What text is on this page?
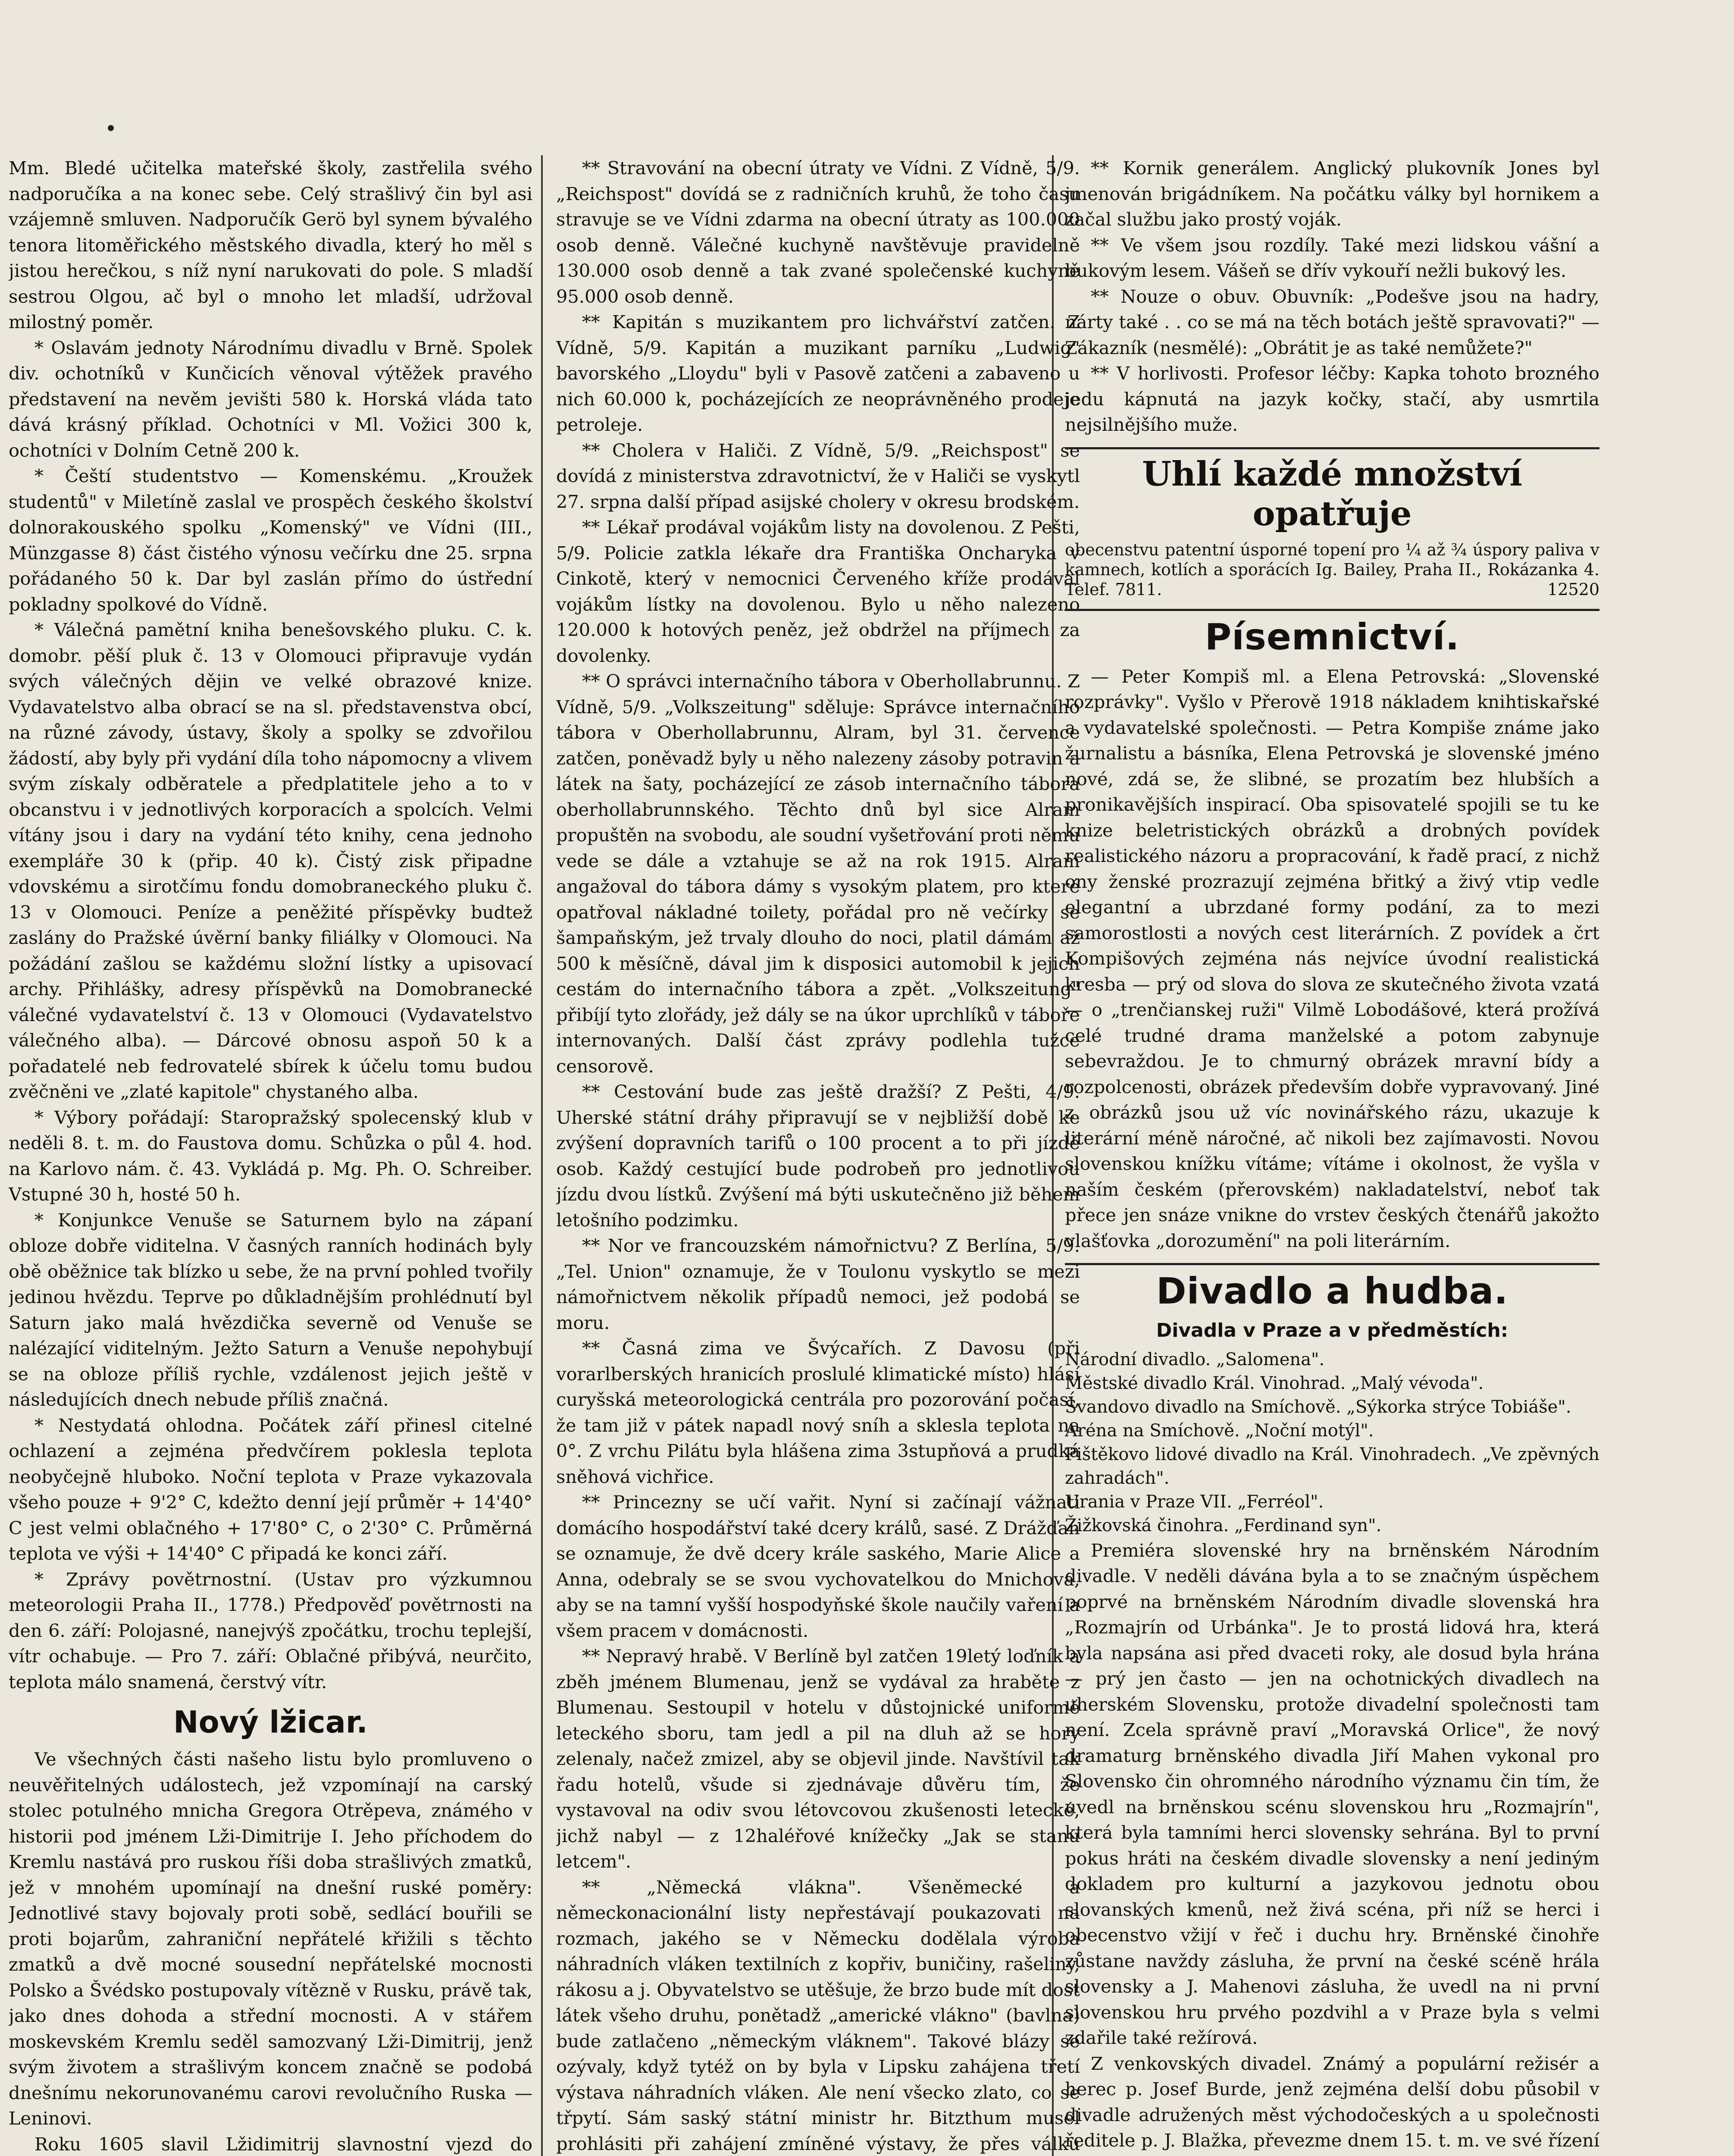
Mm. Bledé učitelka mateřské školy, zastřelila svého nadporučíka a na konec sebe. Celý strašlivý čin byl asi vzájemně smluven. Nadporučík Gerö byl synem bývalého tenora litoměřického městského divadla, který ho měl s jistou herečkou, s níž nyní narukovati do pole. S mladší sestrou Olgou, ač byl o mnoho let mladší, udržoval milostný poměr.

* Oslavám jednoty Národnímu divadlu v Brně. Spolek div. ochotníků v Kunčicích věnoval výtěžek pravého představení na nevěm jevišti 580 k. Horská vláda tato dává krásný příklad. Ochotníci v Ml. Vožici 300 k, ochotníci v Dolním Cetně 200 k.

* Čeští studentstvo — Komenskému. „Kroužek studentů" v Miletíně zaslal ve prospěch českého školství dolnorakouského spolku „Komenský" ve Vídni (III., Münzgasse 8) část čistého výnosu večírku dne 25. srpna pořádaného 50 k. Dar byl zaslán přímo do ústřední pokladny spolkové do Vídně.

* Válečná pamětní kniha benešovského pluku. C. k. domobr. pěší pluk č. 13 v Olomouci připravuje vydán svých válečných dějin ve velké obrazové knize. Vydavatelstvo alba obrací se na sl. představenstva obcí, na různé závody, ústavy, školy a spolky se zdvořilou žádostí, aby byly při vydání díla toho nápomocny a vlivem svým získaly odběratele a předplatitele jeho a to v obcanstvu i v jednotlivých korporacích a spolcích. Velmi vítány jsou i dary na vydání této knihy, cena jednoho exempláře 30 k (přip. 40 k). Čistý zisk připadne vdovskému a sirotčímu fondu domobraneckého pluku č. 13 v Olomouci. Peníze a peněžité příspěvky budtež zaslány do Pražské úvěrní banky filiálky v Olomouci. Na požádání zašlou se každému složní lístky a upisovací archy. Přihlášky, adresy příspěvků na Domobranecké válečné vydavatelství č. 13 v Olomouci (Vydavatelstvo válečného alba). — Dárcové obnosu aspoň 50 k a pořadatelé neb fedrovatelé sbírek k účelu tomu budou zvěčněni ve „zlaté kapitole" chystaného alba.

* Výbory pořádají: Staropražský spolecenský klub v neděli 8. t. m. do Faustova domu. Schůzka o půl 4. hod. na Karlovo nám. č. 43. Vykládá p. Mg. Ph. O. Schreiber. Vstupné 30 h, hosté 50 h.

* Konjunkce Venuše se Saturnem bylo na zápaní obloze dobře viditelna. V časných ranních hodinách byly obě oběžnice tak blízko u sebe, že na první pohled tvořily jedinou hvězdu. Teprve po důkladnějším prohlédnutí byl Saturn jako malá hvězdička severně od Venuše se nalézající viditelným. Ježto Saturn a Venuše nepohybují se na obloze příliš rychle, vzdálenost jejich ještě v následujících dnech nebude příliš značná.

* Nestydatá ohlodna. Počátek září přinesl citelné ochlazení a zejména předvčírem poklesla teplota neobyčejně hluboko. Noční teplota v Praze vykazovala všeho pouze + 9'2° C, kdežto denní její průměr + 14'40° C jest velmi oblačného + 17'80° C, o 2'30° C. Průměrná teplota ve výši + 14'40° C připadá ke konci září.

* Zprávy povětrnostní. (Ustav pro výzkumnou meteorologii Praha II., 1778.) Předpověď povětrnosti na den 6. září: Polojasné, nanejvýš zpočátku, trochu teplejší, vítr ochabuje. — Pro 7. září: Oblačné přibývá, neurčito, teplota málo snamená, čerstvý vítr.

Nový lžicar.

Ve všechných části našeho listu bylo promluveno o neuvěřitelných událostech, jež vzpomínají na carský stolec potulného mnicha Gregora Otrěpeva, známého v historii pod jménem Lži-Dimitrije I. Jeho příchodem do Kremlu nastává pro ruskou říši doba strašlivých zmatků, jež v mnohém upomínají na dnešní ruské poměry: Jednotlivé stavy bojovaly proti sobě, sedlácí bouřili se proti bojarům, zahraniční nepřátelé křižili s těchto zmatků a dvě mocné sousední nepřátelské mocnosti Polsko a Švédsko postupovaly vítězně v Rusku, právě tak, jako dnes dohoda a střední mocnosti. A v stářem moskevském Kremlu seděl samozvaný Lži-Dimitrij, jenž svým životem a strašlivým koncem značně se podobá dnešnímu nekorunovanému carovi revolučního Ruska — Leninovi.

Roku 1605 slavil Lžidimitrij slavnostní vjezd do

** Stravování na obecní útraty ve Vídni. Z Vídně, 5/9. „Reichspost" dovídá se z radničních kruhů, že toho času stravuje se ve Vídni zdarma na obecní útraty as 100.000 osob denně. Válečné kuchyně navštěvuje pravidelně 130.000 osob denně a tak zvané společenské kuchyně 95.000 osob denně.

** Kapitán s muzikantem pro lichvářství zatčen. Z Vídně, 5/9. Kapitán a muzikant parníku „Ludwig" bavorského „Lloydu" byli v Pasově zatčeni a zabaveno u nich 60.000 k, pocházejících ze neoprávněného prodeje petroleje.

** Cholera v Haliči. Z Vídně, 5/9. „Reichspost" se dovídá z ministerstva zdravotnictví, že v Haliči se vyskytl 27. srpna další případ asijské cholery v okresu brodském.

** Lékař prodával vojákům listy na dovolenou. Z Pešti, 5/9. Policie zatkla lékaře dra Františka Oncharyka v Cinkotě, který v nemocnici Červeného kříže prodával vojákům lístky na dovolenou. Bylo u něho nalezeno 120.000 k hotových peněz, jež obdržel na příjmech za dovolenky.

** O správci internačního tábora v Oberhollabrunnu. Z Vídně, 5/9. „Volkszeitung" sděluje: Správce internačního tábora v Oberhollabrunnu, Alram, byl 31. července zatčen, poněvadž byly u něho nalezeny zásoby potravin a látek na šaty, pocházející ze zásob internačního tábora oberhollabrunnského. Těchto dnů byl sice Alram propuštěn na svobodu, ale soudní vyšetřování proti němu vede se dále a vztahuje se až na rok 1915. Alram angažoval do tábora dámy s vysokým platem, pro které opatřoval nákladné toilety, pořádal pro ně večírky se šampaňským, jež trvaly dlouho do noci, platil dámám až 500 k měsíčně, dával jim k disposici automobil k jejich cestám do internačního tábora a zpět. „Volkszeitung" přibíjí tyto zlořády, jež dály se na úkor uprchlíků v táboře internovaných. Další část zprávy podlehla tužce censorově.

** Cestování bude zas ještě dražší? Z Pešti, 4/9. Uherské státní dráhy připravují se v nejbližší době ke zvýšení dopravních tarifů o 100 procent a to při jízdě osob. Každý cestující bude podrobeň pro jednotlivou jízdu dvou lístků. Zvýšení má býti uskutečněno již během letošního podzimku.

** Nor ve francouzském námořnictvu? Z Berlína, 5/9. „Tel. Union" oznamuje, že v Toulonu vyskytlo se mezi námořnictvem několik případů nemoci, jež podobá se moru.

** Časná zima ve Švýcařích. Z Davosu (při vorarlberských hranicích proslulé klimatické místo) hlásí curyšská meteorologická centrála pro pozorování počasí, že tam již v pátek napadl nový sníh a sklesla teplota na 0°. Z vrchu Pilátu byla hlášena zima 3stupňová a prudká sněhová vichřice.

** Princezny se učí vařit. Nyní si začínají vážnati domácího hospodářství také dcery králů, sasé. Z Drážďan se oznamuje, že dvě dcery krále saského, Marie Alice a Anna, odebraly se se svou vychovatelkou do Mnichova, aby se na tamní vyšší hospodyňské škole naučily vaření a všem pracem v domácnosti.

** Nepravý hrabě. V Berlíně byl zatčen 19letý loďník a zběh jménem Blumenau, jenž se vydával za hraběte z Blumenau. Sestoupil v hotelu v důstojnické uniformě leteckého sboru, tam jedl a pil na dluh až se hory zelenaly, načež zmizel, aby se objevil jinde. Navštívil tak řadu hotelů, všude si zjednávaje důvěru tím, že vystavoval na odiv svou létovcovou zkušenosti letecké, jichž nabyl — z 12haléřové knížečky „Jak se stanu letcem".

** „Německá vlákna". Všeněmecké a německonacionální listy nepřestávají poukazovati na rozmach, jakého se v Německu dodělala výroba náhradních vláken textilních z kopřiv, buničiny, rašeliny, rákosu a j. Obyvatelstvo se utěšuje, že brzo bude mít dost látek všeho druhu, ponětadž „americké vlákno" (bavlna) bude zatlačeno „německým vláknem". Takové blázy se ozývaly, když tytéž on by byla v Lipsku zahájena třetí výstava náhradních vláken. Ale není všecko zlato, co se třpytí. Sám saský státní ministr hr. Bitzthum musel prohlásiti při zahájení zmíněné výstavy, že přes válku

** Kornik generálem. Anglický plukovník Jones byl jmenován brigádníkem. Na počátku války byl hornikem a začal službu jako prostý voják.

** Ve všem jsou rozdíly. Také mezi lidskou vášní a bukovým lesem. Vášeň se dřív vykouří nežli bukový les.

** Nouze o obuv. Obuvník: „Podešve jsou na hadry, nárty také . . co se má na těch botách ještě spravovati?" — Zákazník (nesmělé): „Obrátit je as také nemůžete?"

** V horlivosti. Profesor léčby: Kapka tohoto brozného jedu kápnutá na jazyk kočky, stačí, aby usmrtila nejsilnějšího muže.

Uhlí každé množství opatřuje
obecenstvu patentní úsporné topení pro ¼ až ¾ úspory paliva v kamnech, kotlích a sporácích Ig. Bailey, Praha II., Rokázanka 4. Telef. 7811.	12520
Písemnictví.

— Peter Kompiš ml. a Elena Petrovská: „Slovenské rozprávky". Vyšlo v Přerově 1918 nákladem knihtiskařské a vydavatelské společnosti. — Petra Kompiše známe jako žurnalistu a básníka, Elena Petrovská je slovenské jméno nové, zdá se, že slibné, se prozatím bez hlubších a pronikavějších inspirací. Oba spisovatelé spojili se tu ke knize beletristických obrázků a drobných povídek realistického názoru a propracování, k řadě prací, z nichž ony ženské prozrazují zejména břitký a živý vtip vedle elegantní a ubrzdané formy podání, za to mezi samorostlosti a nových cest literárních. Z povídek a črt Kompišových zejména nás nejvíce úvodní realistická kresba — prý od slova do slova ze skutečného života vzatá — o „trenčianskej ruži" Vilmě Lobodášové, která prožívá celé trudné drama manželské a potom zabynuje sebevraždou. Je to chmurný obrázek mravní bídy a rozpolcenosti, obrázek především dobře vypravovaný. Jiné z obrázků jsou už víc novinářského rázu, ukazuje k literární méně náročné, ač nikoli bez zajímavosti. Novou slovenskou knížku vítáme; vítáme i okolnost, že vyšla v naším českém (přerovském) nakladatelství, neboť tak přece jen snáze vnikne do vrstev českých čtenářů jakožto vlašťovka „dorozumění" na poli literárním.

Divadlo a hudba.
Divadla v Praze a v předměstích:

Národní divadlo. „Salomena".

Městské divadlo Král. Vinohrad. „Malý vévoda".

Švandovo divadlo na Smíchově. „Sýkorka strýce Tobiáše".

Aréna na Smíchově. „Noční motýl".

Pištěkovo lidové divadlo na Král. Vinohradech. „Ve zpěvných zahradách".

Urania v Praze VII. „Ferréol".

Žižkovská činohra. „Ferdinand syn".

Premiéra slovenské hry na brněnském Národním divadle. V neděli dávána byla a to se značným úspěchem poprvé na brněnském Národním divadle slovenská hra „Rozmajrín od Urbánka". Je to prostá lidová hra, která byla napsána asi před dvaceti roky, ale dosud byla hrána — prý jen často — jen na ochotnických divadlech na uherském Slovensku, protože divadelní společnosti tam není. Zcela správně praví „Moravská Orlice", že nový dramaturg brněnského divadla Jiří Mahen vykonal pro Slovensko čin ohromného národního významu čin tím, že uvedl na brněnskou scénu slovenskou hru „Rozmajrín", která byla tamními herci slovensky sehrána. Byl to první pokus hráti na českém divadle slovensky a není jediným dokladem pro kulturní a jazykovou jednotu obou slovanských kmenů, než živá scéna, při níž se herci i obecenstvo vžijí v řeč i duchu hry. Brněnské činohře zůstane navždy zásluha, že první na české scéně hrála slovensky a J. Mahenovi zásluha, že uvedl na ni první slovenskou hru prvého pozdvihl a v Praze byla s velmi zdařile také režírová.

Z venkovských divadel. Známý a populární režisér a herec p. Josef Burde, jenž zejména delší dobu působil v divadle adružených měst východočeských a u společnosti ředitele p. J. Blažka, převezme dnem 15. t. m. ve své řízení
